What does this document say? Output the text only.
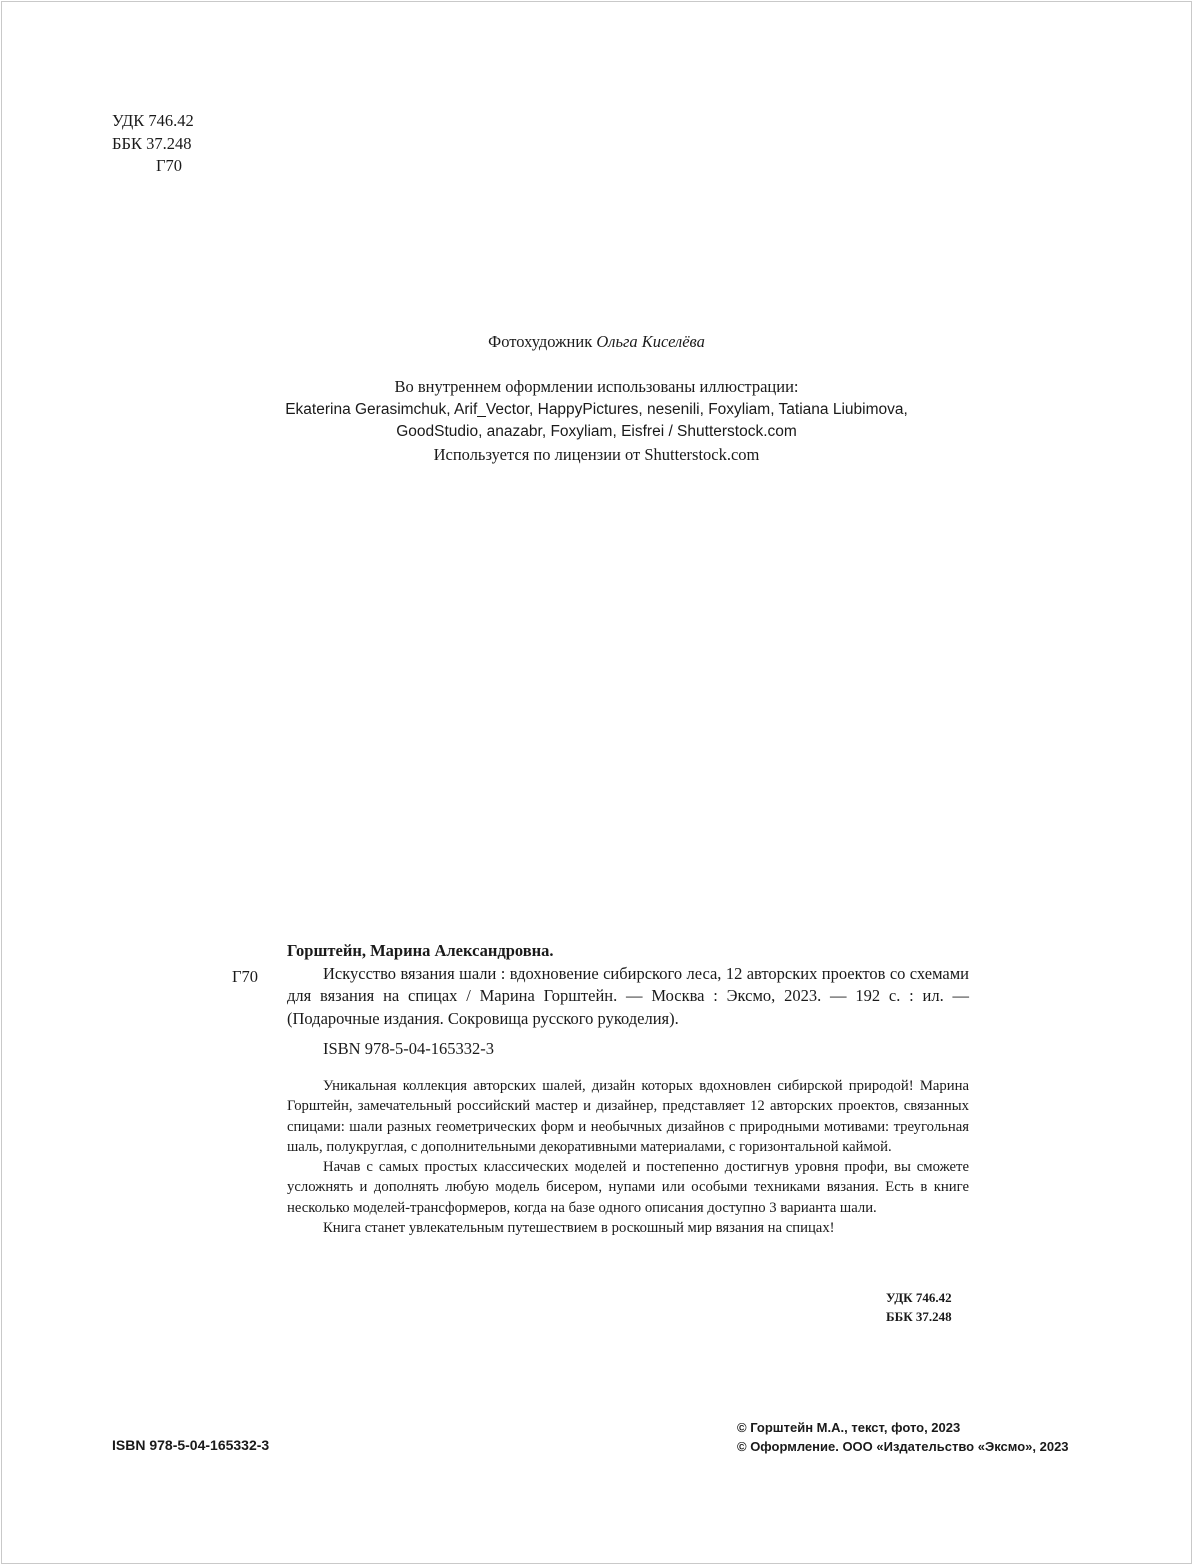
УДК 746.42
ББК 37.248
Г70
Фотохудожник Ольга Киселёва
Во внутреннем оформлении использованы иллюстрации:
Ekaterina Gerasimchuk, Arif_Vector, HappyPictures, nesenili, Foxyliam, Tatiana Liubimova,
GoodStudio, anazabr, Foxyliam, Eisfrei / Shutterstock.com
Используется по лицензии от Shutterstock.com
Г70
Горштейн, Марина Александровна.
Искусство вязания шали : вдохновение сибирского леса, 12 авторских проектов со схемами для вязания на спицах / Марина Горштейн. — Москва : Эксмо, 2023. — 192 с. : ил. — (Подарочные издания. Сокровища русского рукоделия).
ISBN 978-5-04-165332-3

Уникальная коллекция авторских шалей, дизайн которых вдохновлен сибирской природой! Марина Горштейн, замечательный российский мастер и дизайнер, представляет 12 авторских проектов, связанных спицами: шали разных геометрических форм и необычных дизайнов с природными мотивами: треугольная шаль, полукруглая, с дополнительными декоративными материалами, с горизонтальной каймой.

Начав с самых простых классических моделей и постепенно достигнув уровня профи, вы сможете усложнять и дополнять любую модель бисером, нупами или особыми техниками вязания. Есть в книге несколько моделей-трансформеров, когда на базе одного описания доступно 3 варианта шали.

Книга станет увлекательным путешествием в роскошный мир вязания на спицах!

УДК 746.42
ББК 37.248
ISBN 978-5-04-165332-3
© Горштейн М.А., текст, фото, 2023
© Оформление. ООО «Издательство «Эксмо», 2023
